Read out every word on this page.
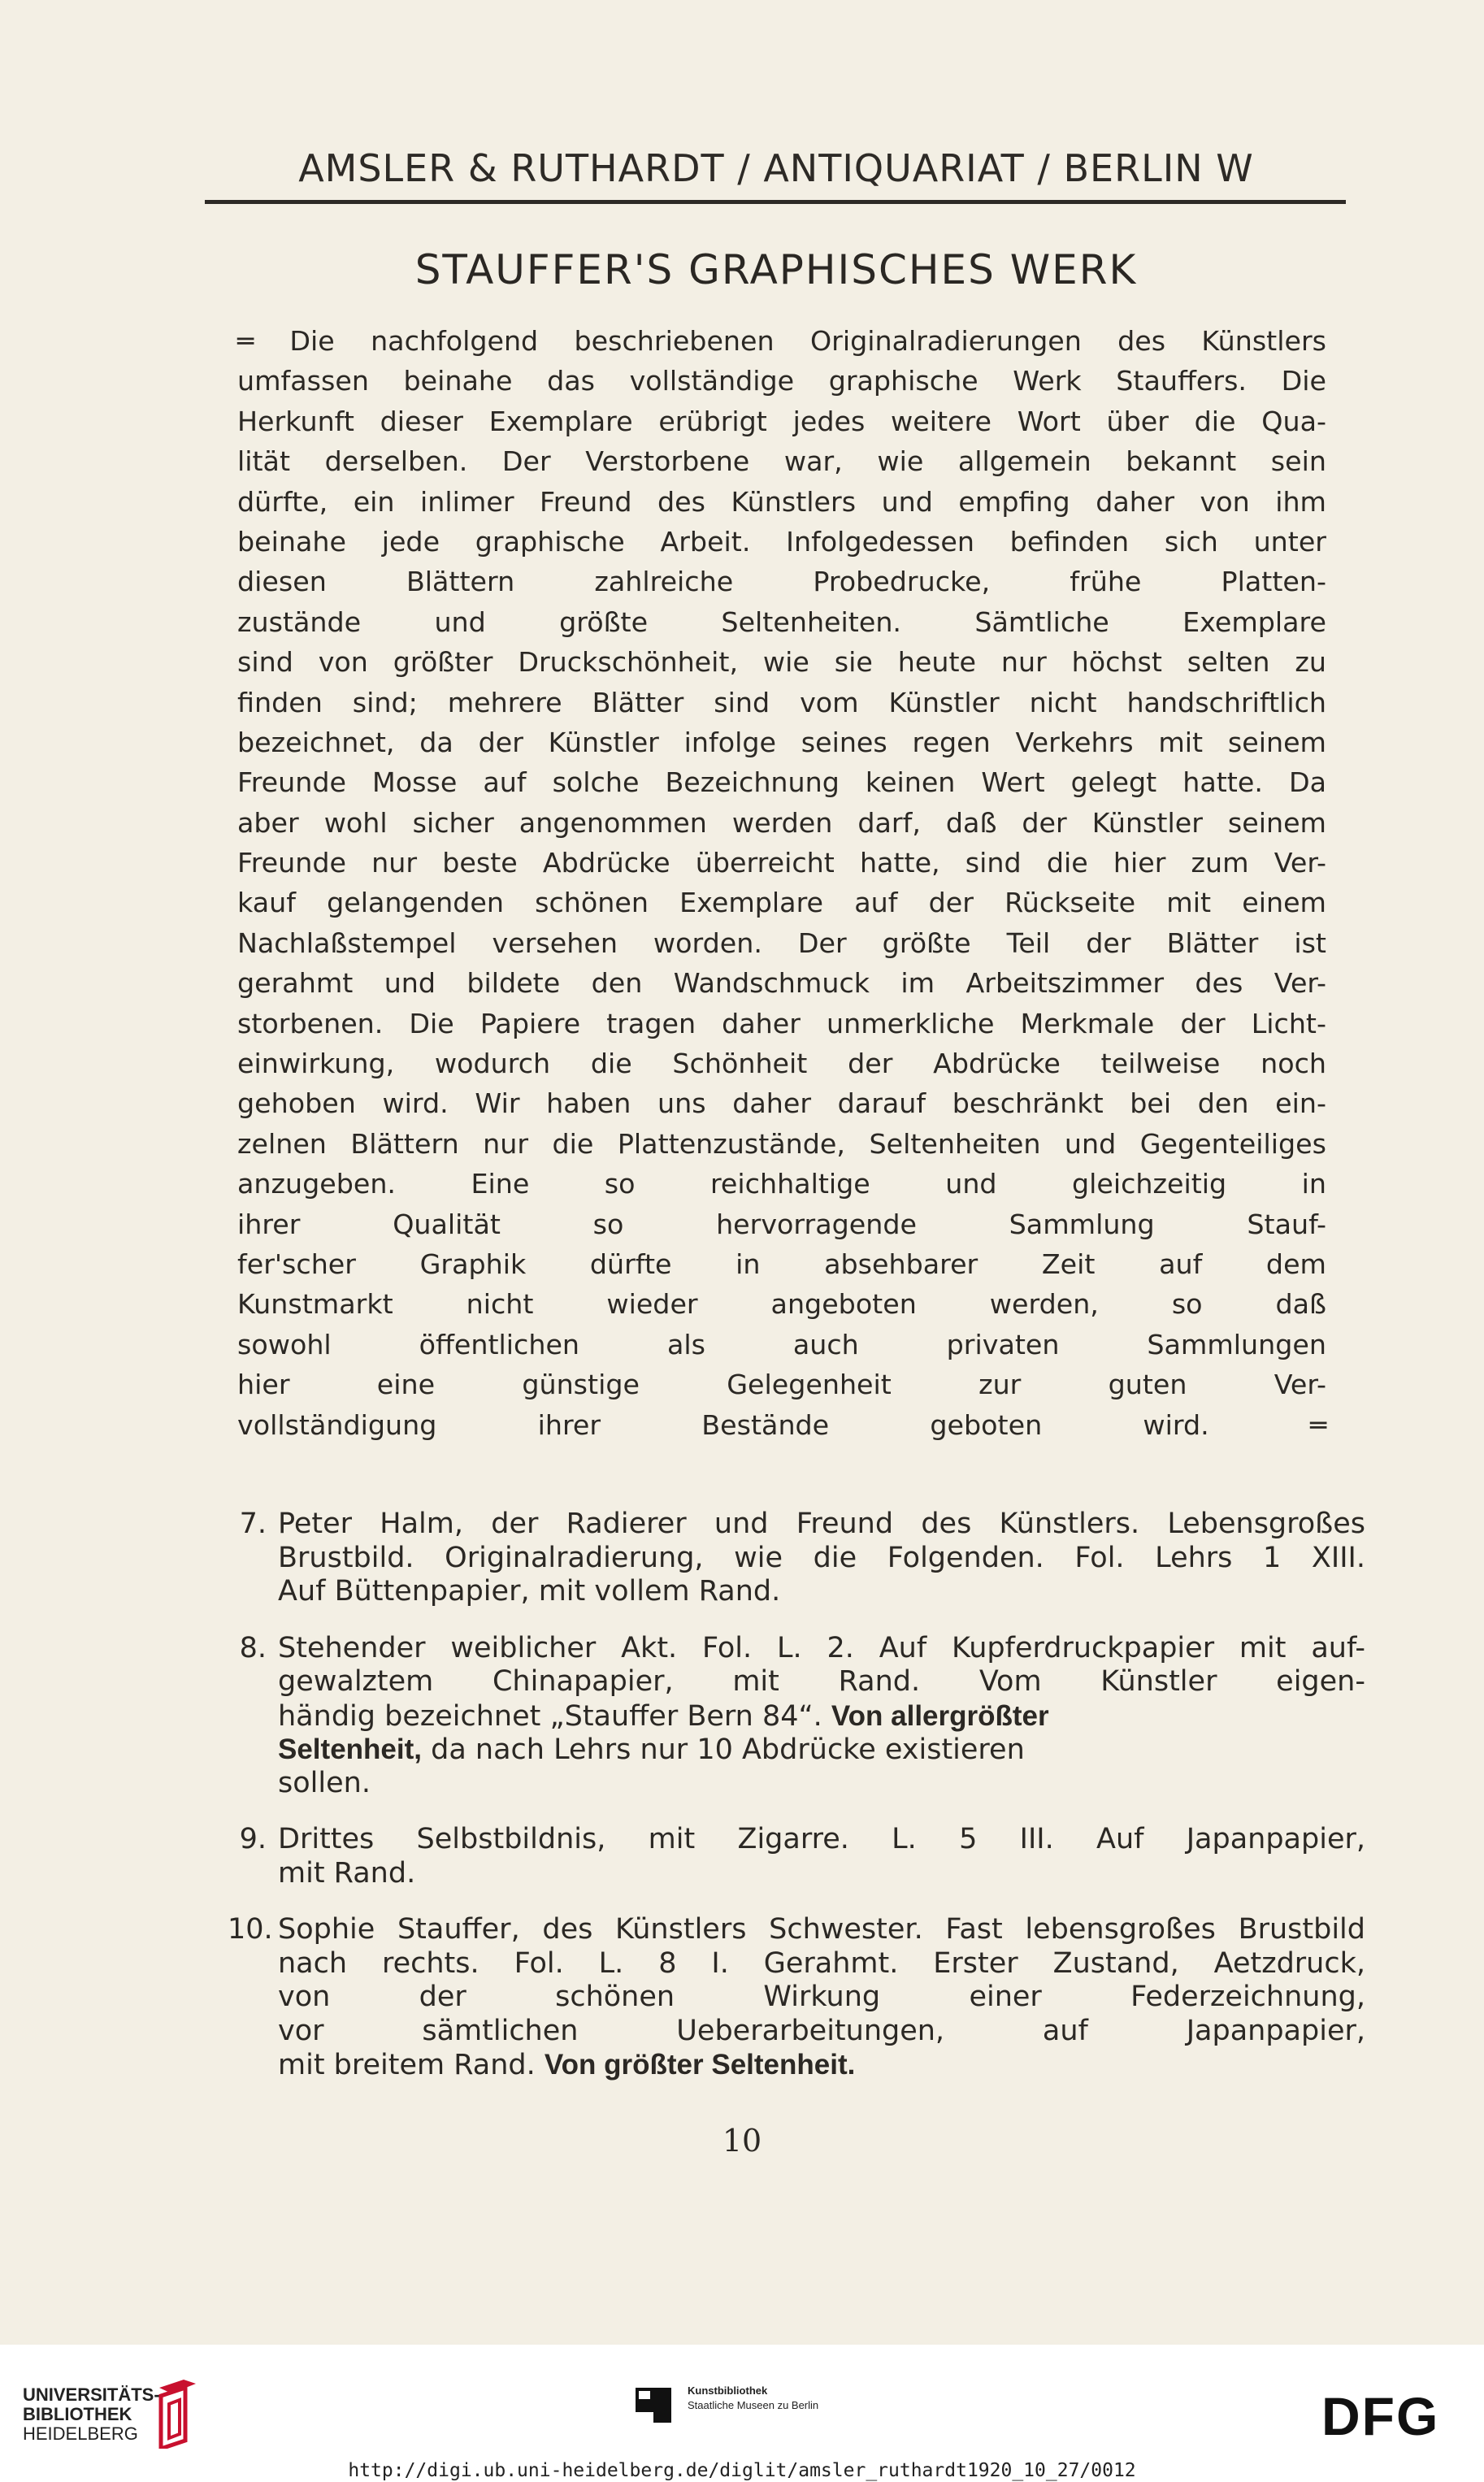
AMSLER & RUTHARDT / ANTIQUARIAT / BERLIN W
STAUFFER'S GRAPHISCHES WERK
═ Die nachfolgend beschriebenen Originalradierungen des Künstlers
umfassen beinahe das vollständige graphische Werk Stauffers. Die
Herkunft dieser Exemplare erübrigt jedes weitere Wort über die Qua-
lität derselben. Der Verstorbene war, wie allgemein bekannt sein
dürfte, ein inlimer Freund des Künstlers und empfing daher von ihm
beinahe jede graphische Arbeit. Infolgedessen befinden sich unter
diesen Blättern zahlreiche Probedrucke, frühe Platten-
zustände und größte Seltenheiten. Sämtliche Exemplare
sind von größter Druckschönheit, wie sie heute nur höchst selten zu
finden sind; mehrere Blätter sind vom Künstler nicht handschriftlich
bezeichnet, da der Künstler infolge seines regen Verkehrs mit seinem
Freunde Mosse auf solche Bezeichnung keinen Wert gelegt hatte. Da
aber wohl sicher angenommen werden darf, daß der Künstler seinem
Freunde nur beste Abdrücke überreicht hatte, sind die hier zum Ver-
kauf gelangenden schönen Exemplare auf der Rückseite mit einem
Nachlaßstempel versehen worden. Der größte Teil der Blätter ist
gerahmt und bildete den Wandschmuck im Arbeitszimmer des Ver-
storbenen. Die Papiere tragen daher unmerkliche Merkmale der Licht-
einwirkung, wodurch die Schönheit der Abdrücke teilweise noch
gehoben wird. Wir haben uns daher darauf beschränkt bei den ein-
zelnen Blättern nur die Plattenzustände, Seltenheiten und Gegenteiliges
anzugeben. Eine so reichhaltige und gleichzeitig in
ihrer Qualität so hervorragende Sammlung Stauf-
fer'scher Graphik dürfte in absehbarer Zeit auf dem
Kunstmarkt nicht wieder angeboten werden, so daß
sowohl öffentlichen als auch privaten Sammlungen
hier eine günstige Gelegenheit zur guten Ver-
vollständigung ihrer Bestände geboten wird. ═
7. Peter Halm, der Radierer und Freund des Künstlers. Lebensgroßes
Brustbild. Originalradierung, wie die Folgenden. Fol. Lehrs 1 XIII.
Auf Büttenpapier, mit vollem Rand.
8. Stehender weiblicher Akt. Fol. L. 2. Auf Kupferdruckpapier mit auf-
gewalztem Chinapapier, mit Rand. Vom Künstler eigen-
händig bezeichnet „Stauffer Bern 84“. Von allergrößter
Seltenheit, da nach Lehrs nur 10 Abdrücke existieren
sollen.
9. Drittes Selbstbildnis, mit Zigarre. L. 5 III. Auf Japanpapier,
mit Rand.
10. Sophie Stauffer, des Künstlers Schwester. Fast lebensgroßes Brustbild
nach rechts. Fol. L. 8 I. Gerahmt. Erster Zustand, Aetzdruck,
von der schönen Wirkung einer Federzeichnung,
vor sämtlichen Ueberarbeitungen, auf Japanpapier,
mit breitem Rand. Von größter Seltenheit.
10
UNIVERSITÄTS-
BIBLIOTHEK
HEIDELBERG
Kunstbibliothek
Staatliche Museen zu Berlin	DFG
http://digi.ub.uni-heidelberg.de/diglit/amsler_ruthardt1920_10_27/0012
